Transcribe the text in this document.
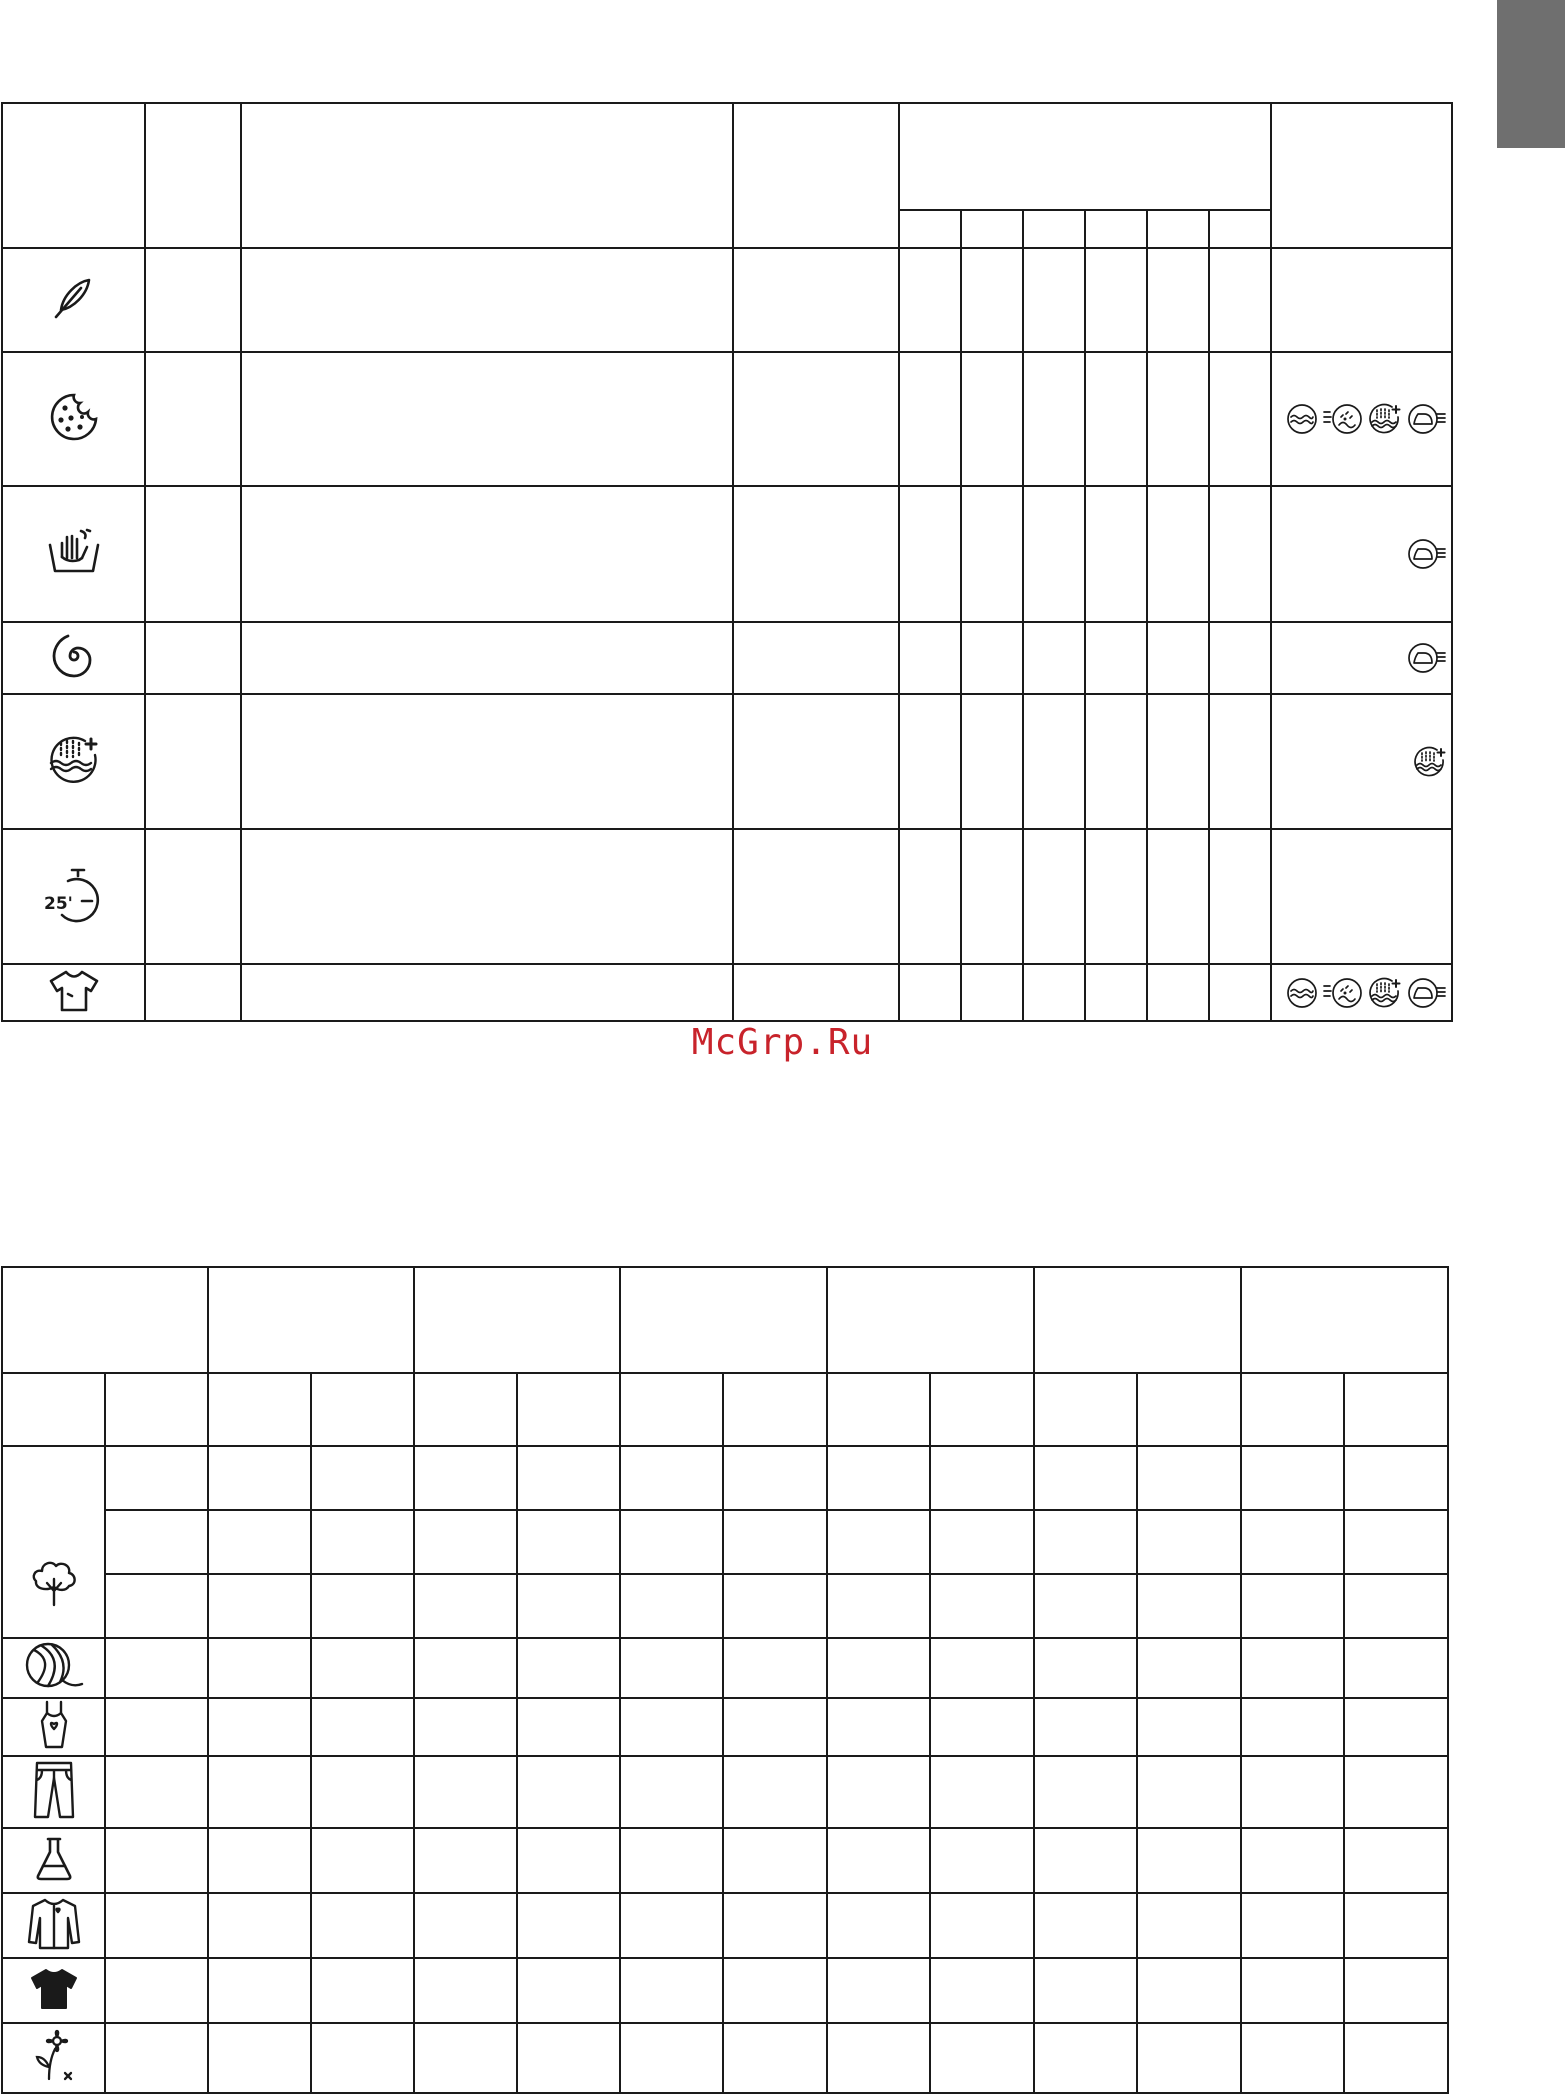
25'										

McGrp.Ru
